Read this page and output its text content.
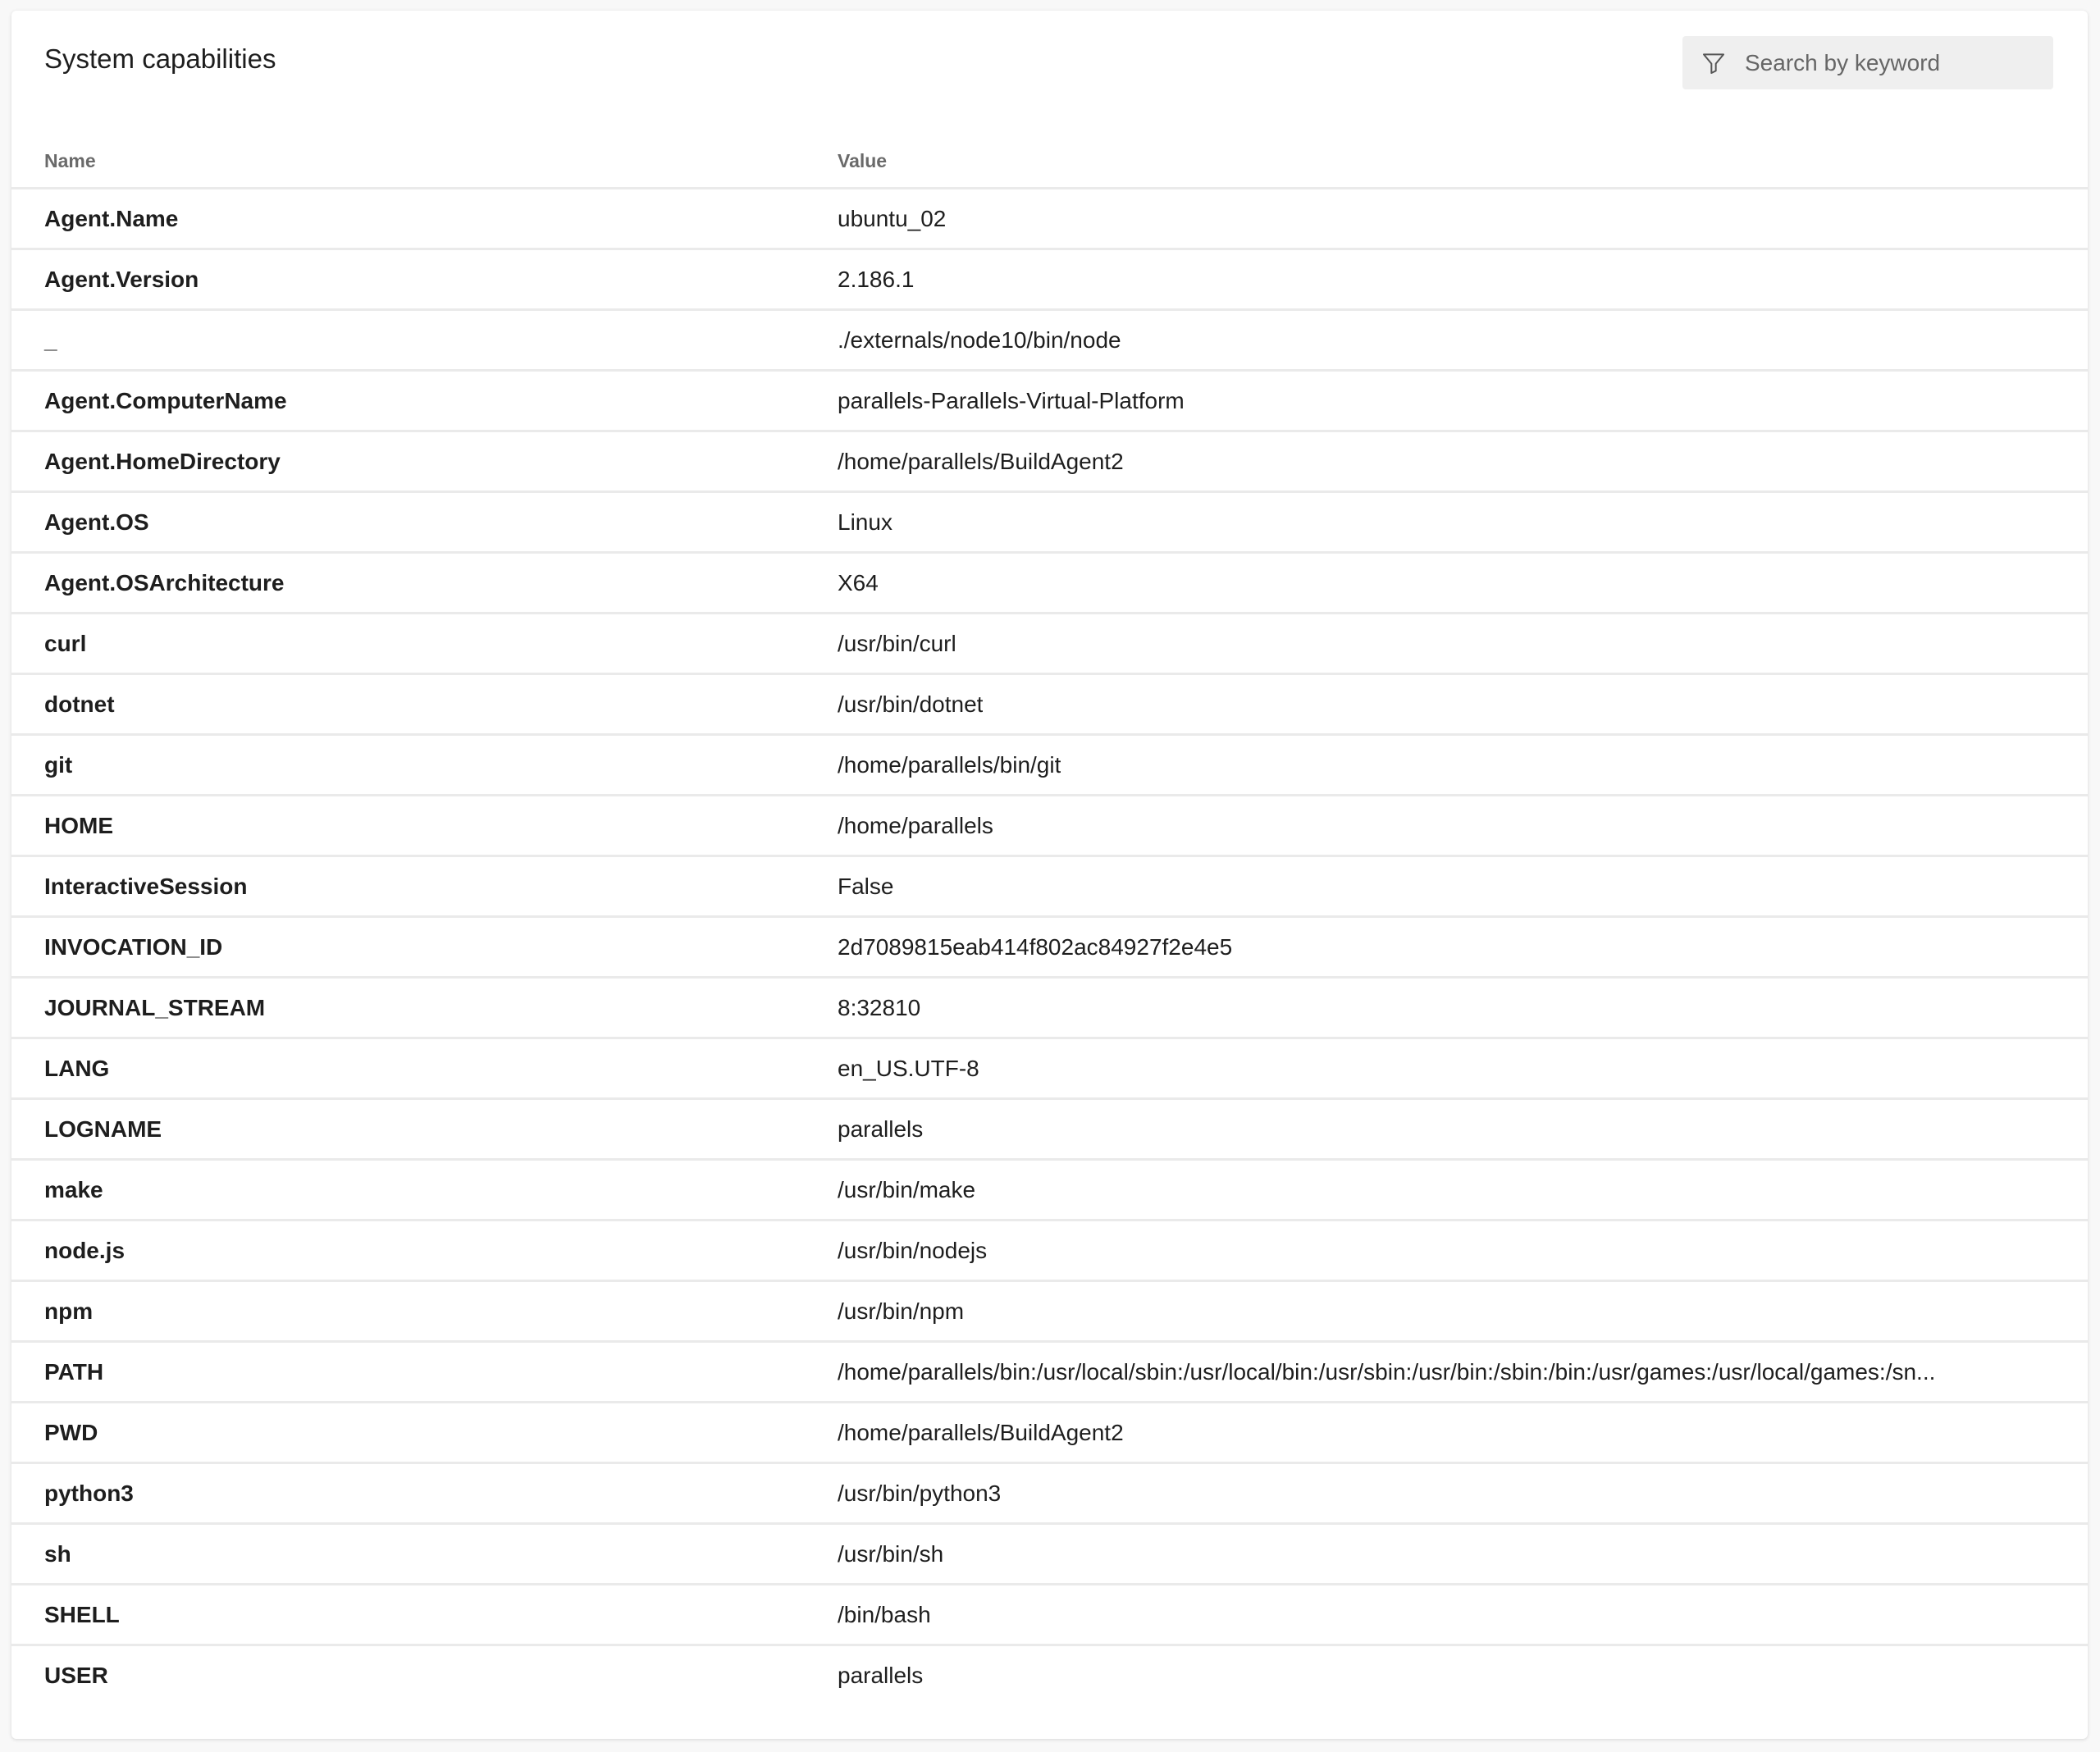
System capabilities
Search by keyword
Name	Value
Agent.Name	ubuntu_02
Agent.Version	2.186.1
_	./externals/node10/bin/node
Agent.ComputerName	parallels-Parallels-Virtual-Platform
Agent.HomeDirectory	/home/parallels/BuildAgent2
Agent.OS	Linux
Agent.OSArchitecture	X64
curl	/usr/bin/curl
dotnet	/usr/bin/dotnet
git	/home/parallels/bin/git
HOME	/home/parallels
InteractiveSession	False
INVOCATION_ID	2d7089815eab414f802ac84927f2e4e5
JOURNAL_STREAM	8:32810
LANG	en_US.UTF-8
LOGNAME	parallels
make	/usr/bin/make
node.js	/usr/bin/nodejs
npm	/usr/bin/npm
PATH	/home/parallels/bin:/usr/local/sbin:/usr/local/bin:/usr/sbin:/usr/bin:/sbin:/bin:/usr/games:/usr/local/games:/sn...
PWD	/home/parallels/BuildAgent2
python3	/usr/bin/python3
sh	/usr/bin/sh
SHELL	/bin/bash
USER	parallels
